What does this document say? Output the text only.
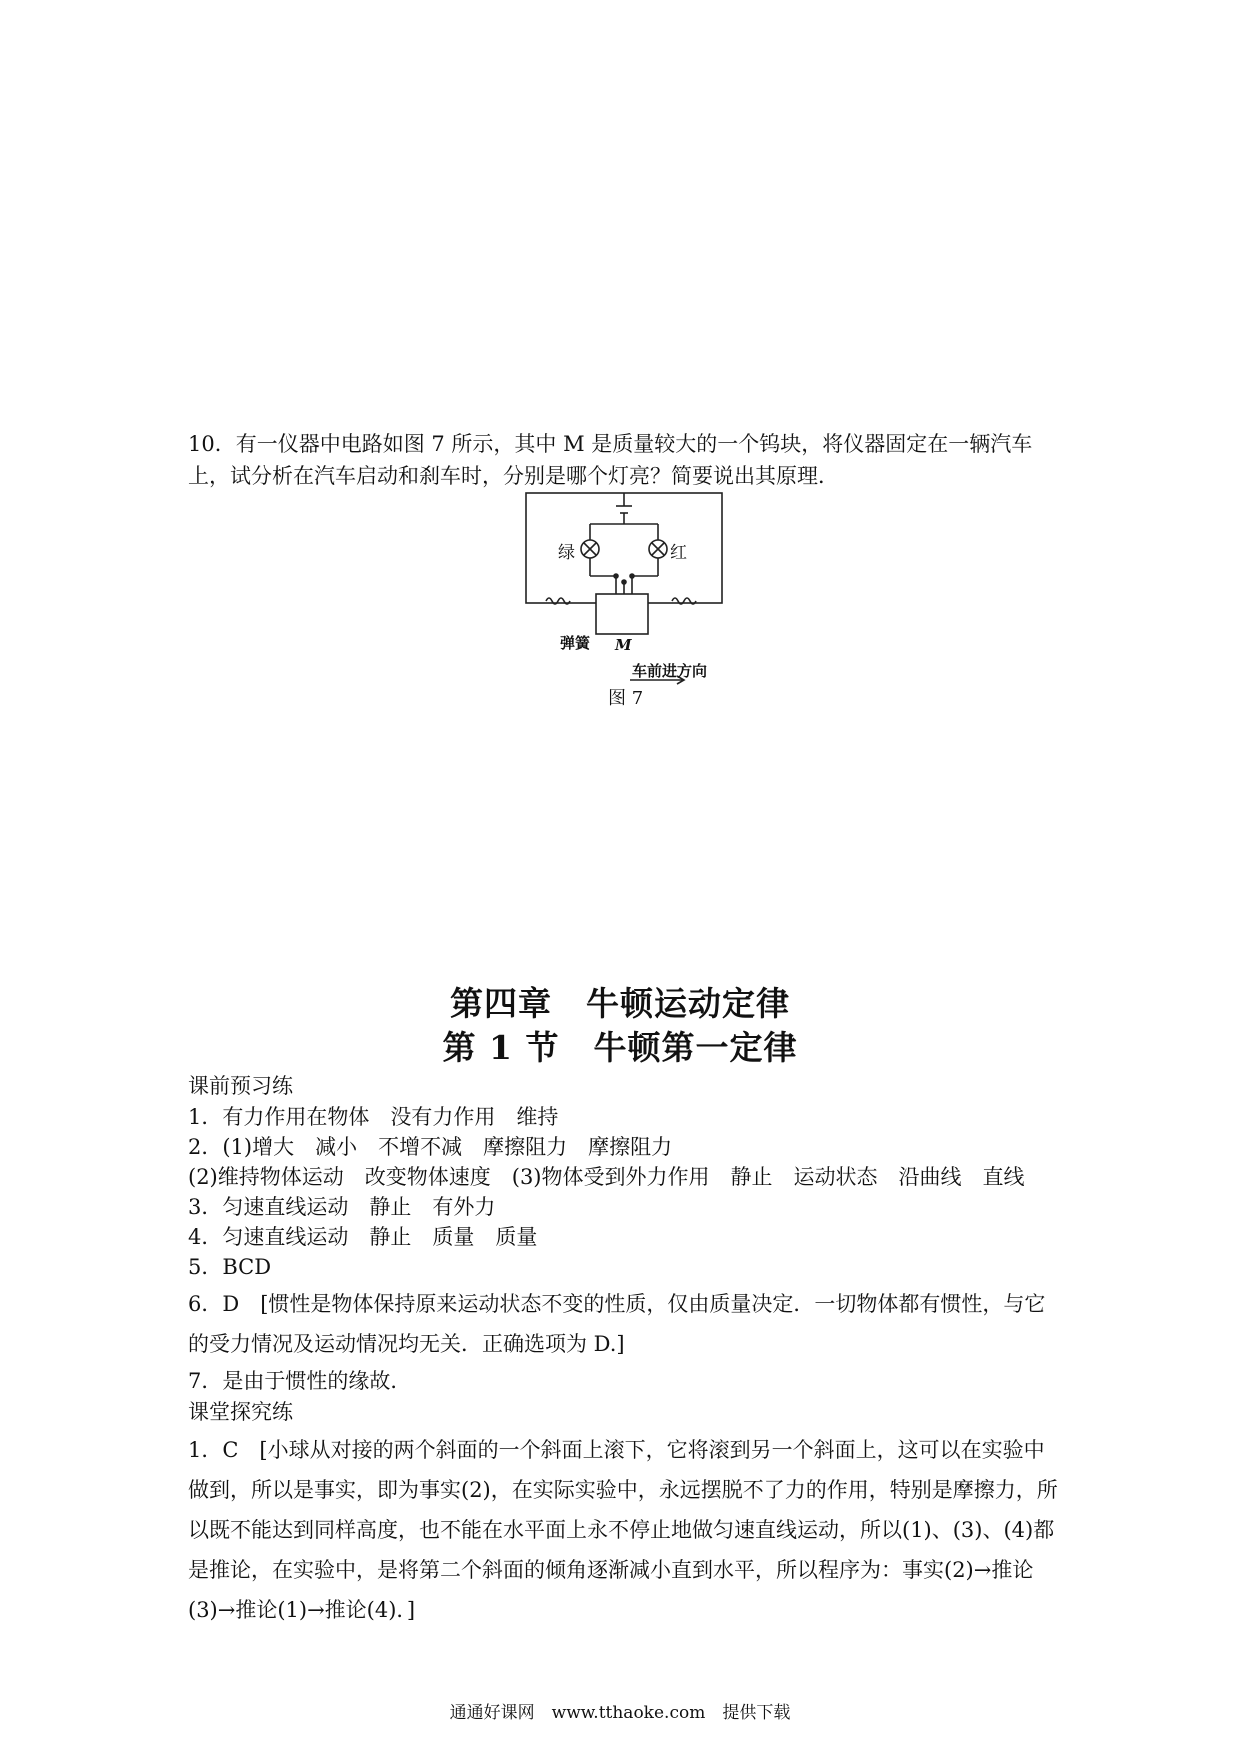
10．有一仪器中电路如图 7 所示，其中 M 是质量较大的一个钨块，将仪器固定在一辆汽车

上，试分析在汽车启动和刹车时，分别是哪个灯亮？简要说出其原理．

绿	红
弹簧 M
车前进方向
图 7
第四章　牛顿运动定律
第 1 节　牛顿第一定律
课前预习练
1．有力作用在物体　没有力作用　维持
2．(1)增大　减小　不增不减　摩擦阻力　摩擦阻力
(2)维持物体运动　改变物体速度　(3)物体受到外力作用　静止　运动状态　沿曲线　直线
3．匀速直线运动　静止　有外力
4．匀速直线运动　静止　质量　质量
5．BCD
6．D　[惯性是物体保持原来运动状态不变的性质，仅由质量决定．一切物体都有惯性，与它的受力情况及运动情况均无关．正确选项为 D.]
7．是由于惯性的缘故．
课堂探究练
1．C　[小球从对接的两个斜面的一个斜面上滚下，它将滚到另一个斜面上，这可以在实验中做到，所以是事实，即为事实(2)，在实际实验中，永远摆脱不了力的作用，特别是摩擦力，所以既不能达到同样高度，也不能在水平面上永不停止地做匀速直线运动，所以(1)、(3)、(4)都是推论，在实验中，是将第二个斜面的倾角逐渐减小直到水平，所以程序为：事实(2)→推论(3)→推论(1)→推论(4)．]
通通好课网　www.tthaoke.com　提供下载
